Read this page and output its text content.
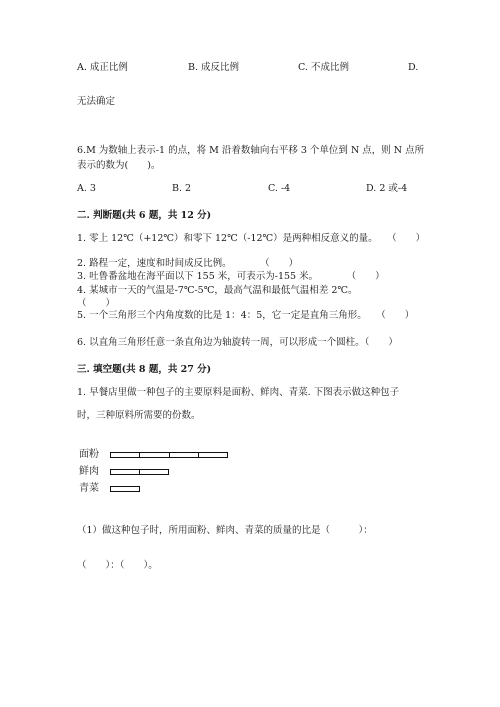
A. 成正比例	B. 成反比例	C. 不成比例	D.
无法确定
6.M 为数轴上表示-1 的点，将 M 沿着数轴向右平移 3 个单位到 N 点，则 N 点所
表示的数为(　　)。
A. 3	B. 2	C. -4	D. 2 或-4
二. 判断题(共 6 题，共 12 分)
1. 零上 12℃（+12℃）和零下 12℃（-12℃）是两种相反意义的量。　　（　　）
2. 路程一定，速度和时间成反比例。　　　　（　　）
3. 吐鲁番盆地在海平面以下 155 米，可表示为-155 米。　　　　（　　）
4. 某城市一天的气温是-7℃-5℃，最高气温和最低气温相差 2℃。
（　　）
5. 一个三角形三个内角度数的比是 1：4：5，它一定是直角三角形。　　（　　）
6. 以直角三角形任意一条直角边为轴旋转一周，可以形成一个圆柱。（　　）
三. 填空题(共 8 题，共 27 分)
1. 早餐店里做一种包子的主要原料是面粉、鲜肉、青菜. 下图表示做这种包子
时，三种原料所需要的份数。
面粉
鲜肉
青菜
（1）做这种包子时，所用面粉、鲜肉、青菜的质量的比是（　　　）：
（　　）：（　　）。
